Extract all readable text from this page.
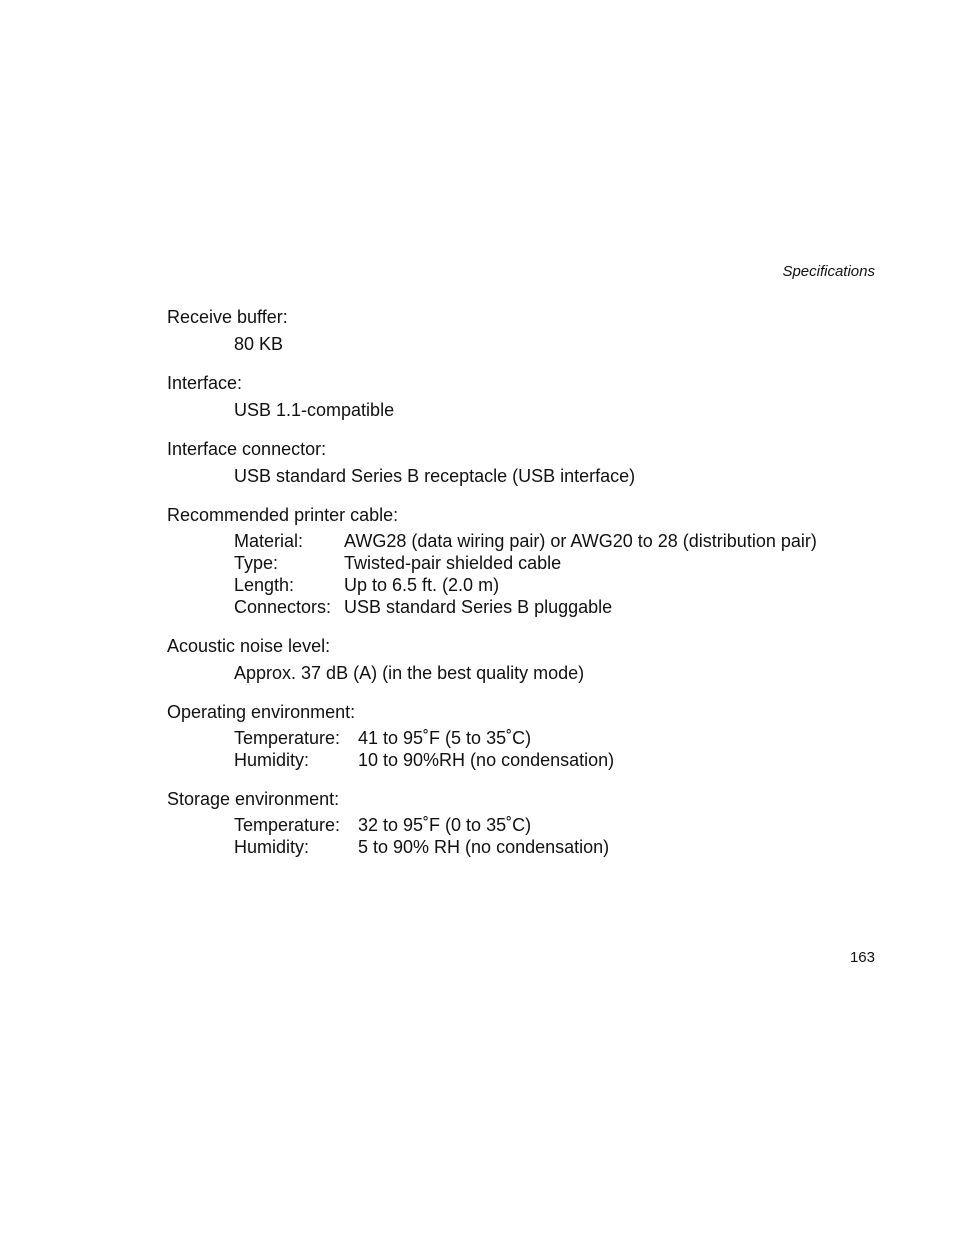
Specifications
Receive buffer:
80 KB
Interface:
USB 1.1-compatible
Interface connector:
USB standard Series B receptacle (USB interface)
Recommended printer cable:
Material:	AWG28 (data wiring pair) or AWG20 to 28 (distribution pair)
Type:	Twisted-pair shielded cable
Length:	Up to 6.5 ft. (2.0 m)
Connectors:	USB standard Series B pluggable
Acoustic noise level:
Approx. 37 dB (A) (in the best quality mode)
Operating environment:
Temperature:	41 to 95˚F (5 to 35˚C)
Humidity:	10 to 90%RH (no condensation)
Storage environment:
Temperature:	32 to 95˚F (0 to 35˚C)
Humidity:	5 to 90% RH (no condensation)
163
